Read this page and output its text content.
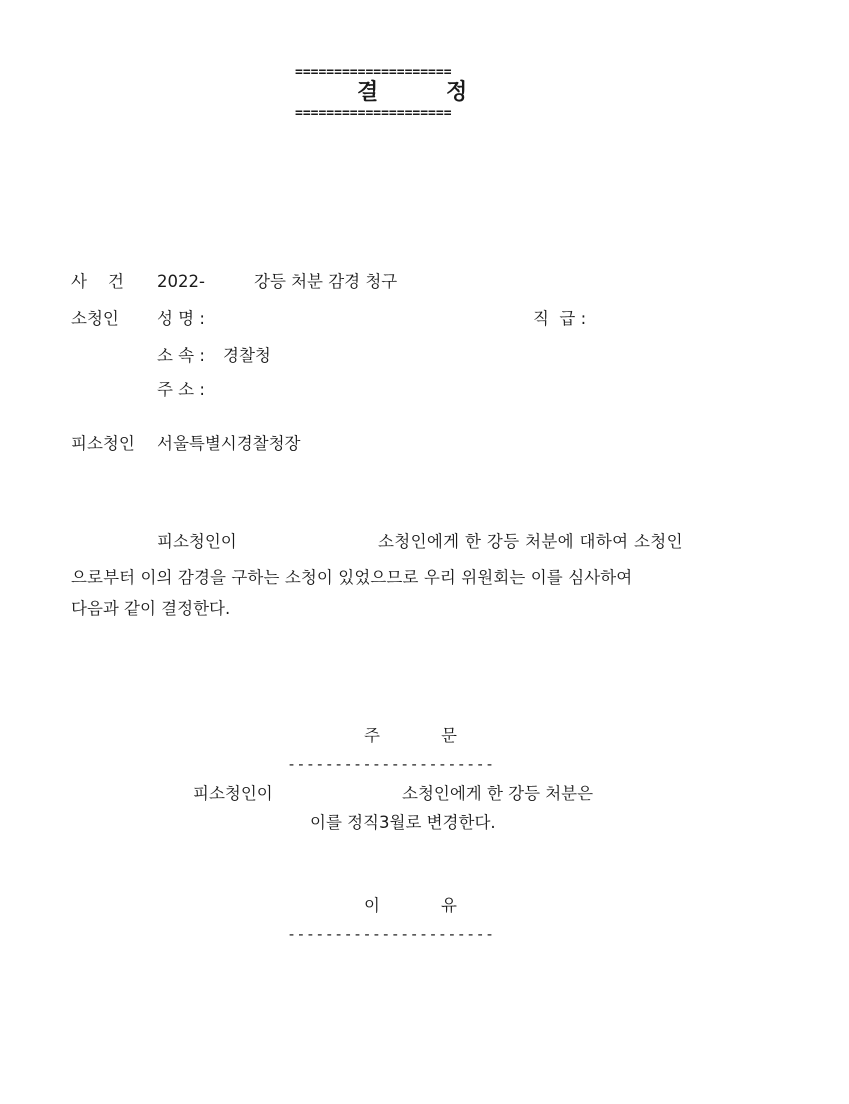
====================
결	정
====================
사 건 2022-	강등 처분 감경 청구
소청인 성 명 :	직  급 :
소 속 : 경찰청
주 소 :
피소청인 서울특별시경찰청장
피소청인이	소청인에게 한 강등 처분에 대하여 소청인
으로부터 이의 감경을 구하는 소청이 있었으므로 우리 위원회는 이를 심사하여
다음과 같이 결정한다.
주	문
----------------------
피소청인이	소청인에게 한 강등 처분은
이를 정직3월로 변경한다.
이	유
----------------------
